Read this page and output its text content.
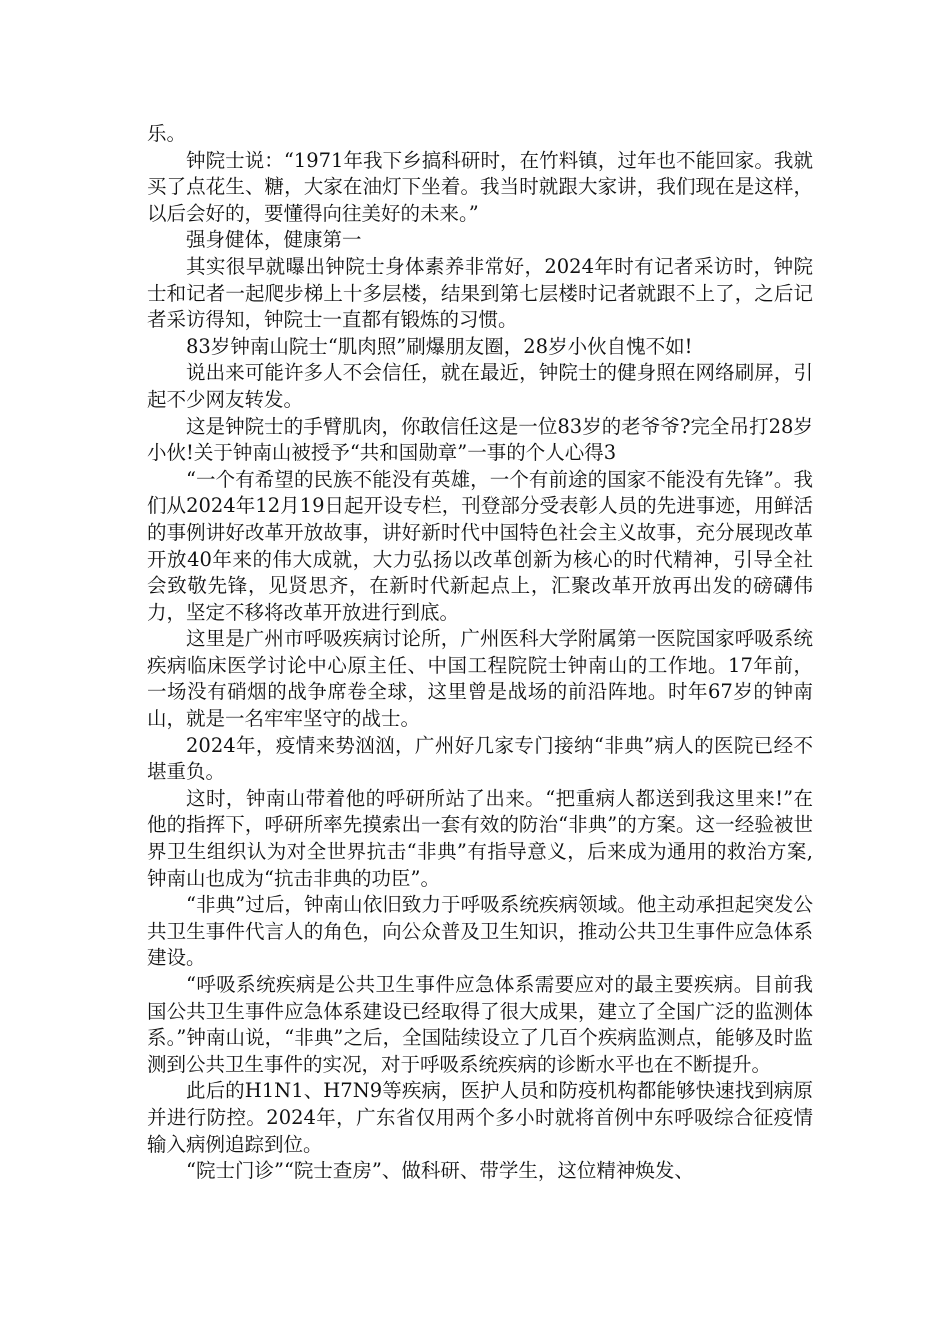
乐。

钟院士说：“1971年我下乡搞科研时，在竹料镇，过年也不能回家。我就买了点花生、糖，大家在油灯下坐着。我当时就跟大家讲，我们现在是这样，以后会好的，要懂得向往美好的未来。”

强身健体，健康第一

其实很早就曝出钟院士身体素养非常好，2024年时有记者采访时，钟院士和记者一起爬步梯上十多层楼，结果到第七层楼时记者就跟不上了，之后记者采访得知，钟院士一直都有锻炼的习惯。

83岁钟南山院士“肌肉照”刷爆朋友圈，28岁小伙自愧不如!

说出来可能许多人不会信任，就在最近，钟院士的健身照在网络刷屏，引起不少网友转发。

这是钟院士的手臂肌肉，你敢信任这是一位83岁的老爷爷?完全吊打28岁小伙!关于钟南山被授予“共和国勋章”一事的个人心得3

“一个有希望的民族不能没有英雄，一个有前途的国家不能没有先锋”。我们从2024年12月19日起开设专栏，刊登部分受表彰人员的先进事迹，用鲜活的事例讲好改革开放故事，讲好新时代中国特色社会主义故事，充分展现改革开放40年来的伟大成就，大力弘扬以改革创新为核心的时代精神，引导全社会致敬先锋，见贤思齐，在新时代新起点上，汇聚改革开放再出发的磅礴伟力，坚定不移将改革开放进行到底。

这里是广州市呼吸疾病讨论所，广州医科大学附属第一医院国家呼吸系统疾病临床医学讨论中心原主任、中国工程院院士钟南山的工作地。17年前，一场没有硝烟的战争席卷全球，这里曾是战场的前沿阵地。时年67岁的钟南山，就是一名牢牢坚守的战士。

2024年，疫情来势汹汹，广州好几家专门接纳“非典”病人的医院已经不堪重负。

这时，钟南山带着他的呼研所站了出来。“把重病人都送到我这里来!”在他的指挥下，呼研所率先摸索出一套有效的防治“非典”的方案。这一经验被世界卫生组织认为对全世界抗击“非典”有指导意义，后来成为通用的救治方案,钟南山也成为“抗击非典的功臣”。

“非典”过后，钟南山依旧致力于呼吸系统疾病领域。他主动承担起突发公共卫生事件代言人的角色，向公众普及卫生知识，推动公共卫生事件应急体系建设。

“呼吸系统疾病是公共卫生事件应急体系需要应对的最主要疾病。目前我国公共卫生事件应急体系建设已经取得了很大成果，建立了全国广泛的监测体系。”钟南山说，“非典”之后，全国陆续设立了几百个疾病监测点，能够及时监测到公共卫生事件的实况，对于呼吸系统疾病的诊断水平也在不断提升。

此后的H1N1、H7N9等疾病，医护人员和防疫机构都能够快速找到病原并进行防控。2024年，广东省仅用两个多小时就将首例中东呼吸综合征疫情输入病例追踪到位。

“院士门诊”“院士查房”、做科研、带学生，这位精神焕发、
